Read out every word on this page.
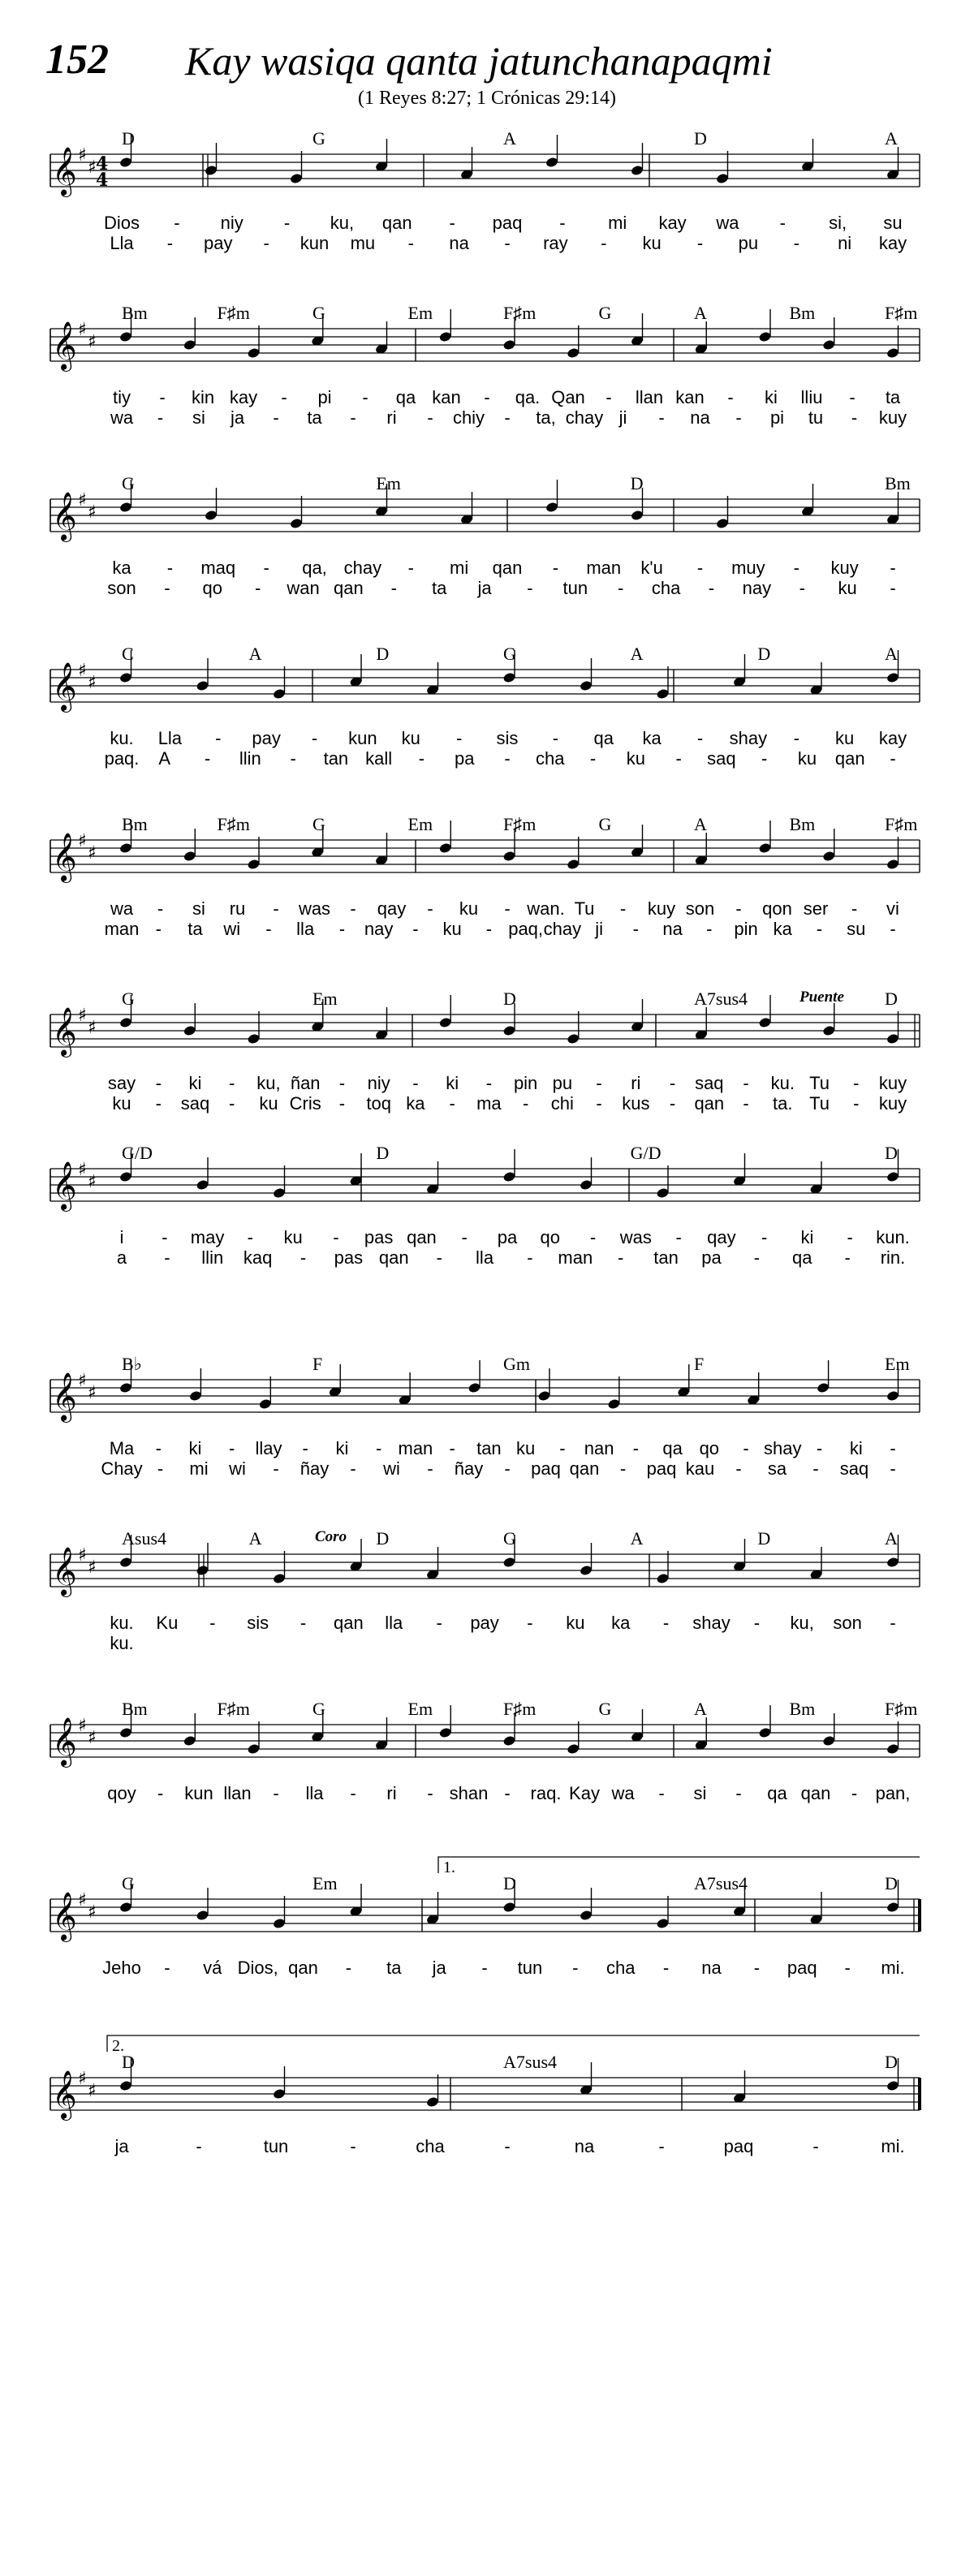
152 Kay wasiqa qanta jatunchanapaqmi
(1 Reyes 8:27; 1 Crónicas 29:14)
𝄞 ♯
♯ 4
4
D	G	A	D	A
Dios - niy - ku, qan - paq - mi kay wa - si, su
Lla - pay - kun mu - na - ray - ku - pu - ni kay
𝄞 ♯
♯
Bm	F♯m	G	Em	F♯m	G	A	Bm	F♯m
tiy - kin kay - pi - qa kan - qa. Qan - llan kan - ki lliu - ta
wa - si ja - ta - ri - chiy - ta, chay ji - na - pi tu - kuy
𝄞 ♯
♯
G	Em	D	Bm
ka - maq - qa, chay - mi qan - man k'u - muy - kuy -
son - qo - wan qan - ta ja - tun - cha - nay - ku -
𝄞 ♯
♯
C	A	D	G	A	D	A
ku. Lla - pay - kun ku - sis - qa ka - shay - ku kay
paq. A - llin - tan kall - pa - cha - ku - saq - ku qan -
𝄞 ♯
♯
Bm	F♯m	G	Em	F♯m	G	A	Bm	F♯m
wa - si ru - was - qay - ku - wan. Tu - kuy son - qon ser - vi
man - ta wi - lla - nay - ku - paq, chay ji - na - pin ka - su -
𝄞 ♯
♯
Puente
G	Em	D	A7sus4	D
say - ki - ku, ñan - niy - ki - pin pu - ri - saq - ku. Tu - kuy
ku - saq - ku Cris - toq ka - ma - chi - kus - qan - ta. Tu - kuy
𝄞 ♯
♯
G/D	D	G/D	D
i - may - ku - pas qan - pa qo - was - qay - ki - kun.
a - llin kaq - pas qan - lla - man - tan pa - qa - rin.
𝄞 ♯
♯
B♭	F	Gm	F	Em
Ma - ki - llay - ki - man - tan ku - nan - qa qo - shay - ki -
Chay - mi wi - ñay - wi - ñay - paq qan - paq kau - sa - saq -
𝄞 ♯
♯
Coro
Asus4	A	D	G	A	D	A
ku. Ku - sis - qan lla - pay - ku ka - shay - ku, son -
ku.
𝄞 ♯
♯
Bm	F♯m	G	Em	F♯m	G	A	Bm	F♯m
qoy - kun llan - lla - ri - shan - raq. Kay wa - si - qa qan - pan,
𝄞 ♯
♯
1.
G	Em	D	A7sus4	D
Jeho - vá Dios, qan - ta ja - tun - cha - na - paq - mi.
𝄞 ♯
♯
2.
D	A7sus4	D
ja	-	tun	-	cha	-	na	-	paq	-	mi.
